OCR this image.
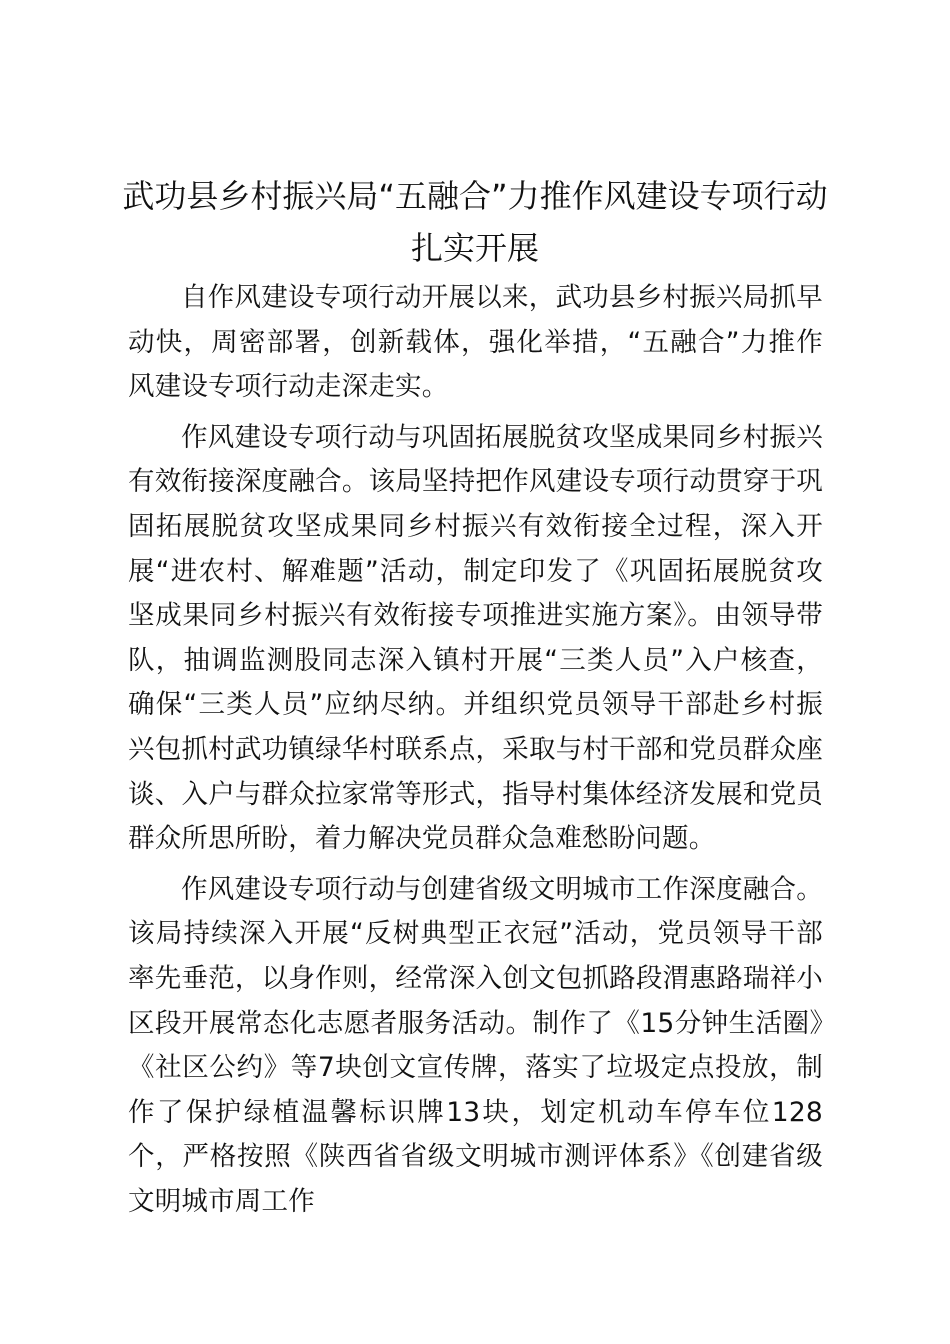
武功县乡村振兴局“五融合”力推作风建设专项行动扎实开展

自作风建设专项行动开展以来，武功县乡村振兴局抓早动快，周密部署，创新载体，强化举措，“五融合”力推作风建设专项行动走深走实。

作风建设专项行动与巩固拓展脱贫攻坚成果同乡村振兴有效衔接深度融合。该局坚持把作风建设专项行动贯穿于巩固拓展脱贫攻坚成果同乡村振兴有效衔接全过程，深入开展“进农村、解难题”活动，制定印发了《巩固拓展脱贫攻坚成果同乡村振兴有效衔接专项推进实施方案》。由领导带队，抽调监测股同志深入镇村开展“三类人员”入户核查，确保“三类人员”应纳尽纳。并组织党员领导干部赴乡村振兴包抓村武功镇绿华村联系点，采取与村干部和党员群众座谈、入户与群众拉家常等形式，指导村集体经济发展和党员群众所思所盼，着力解决党员群众急难愁盼问题。

作风建设专项行动与创建省级文明城市工作深度融合。该局持续深入开展“反树典型正衣冠”活动，党员领导干部率先垂范，以身作则，经常深入创文包抓路段渭惠路瑞祥小区段开展常态化志愿者服务活动。制作了《15分钟生活圈》《社区公约》等7块创文宣传牌，落实了垃圾定点投放，制作了保护绿植温馨标识牌13块，划定机动车停车位128个，严格按照《陕西省省级文明城市测评体系》《创建省级文明城市周工作
